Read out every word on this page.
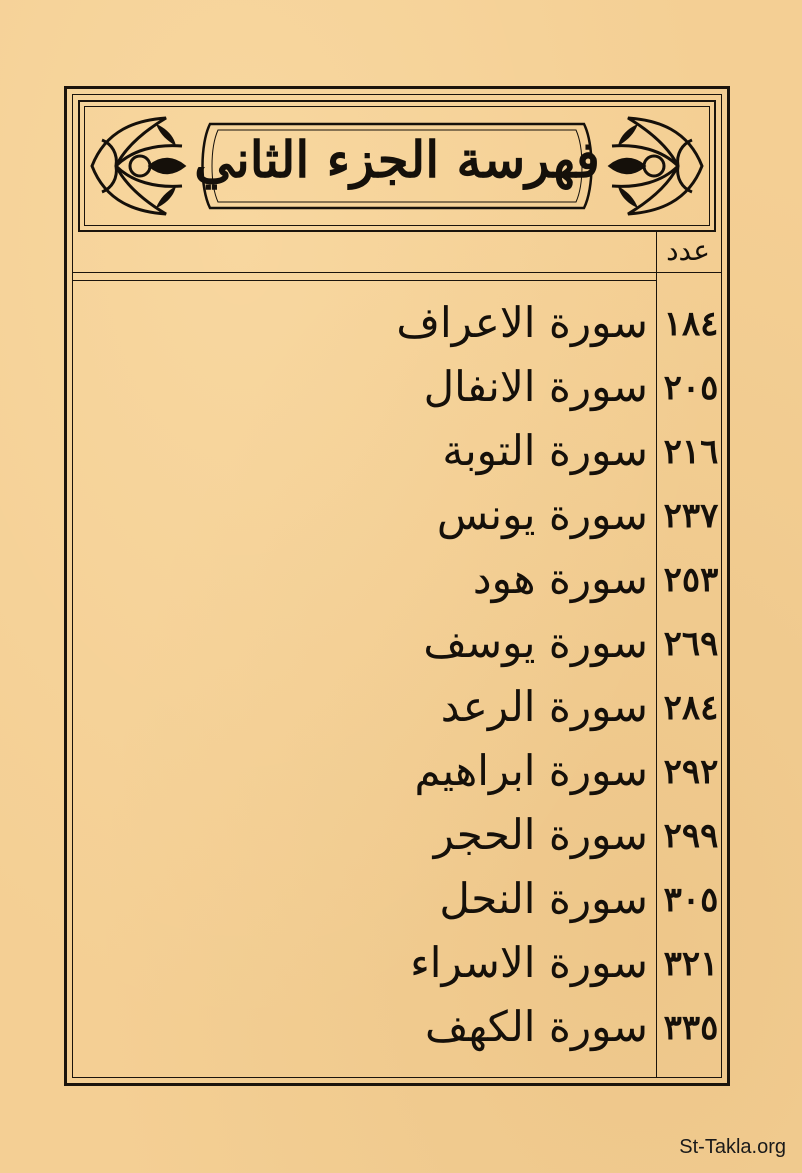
فهرسة الجزء الثاني
عدد
١٨٤
سورة الاعراف
٢٠٥
سورة الانفال
٢١٦
سورة التوبة
٢٣٧
سورة يونس
٢٥٣
سورة هود
٢٦٩
سورة يوسف
٢٨٤
سورة الرعد
٢٩٢
سورة ابراهيم
٢٩٩
سورة الحجر
٣٠٥
سورة النحل
٣٢١
سورة الاسراء
٣٣٥
سورة الكهف
St-Takla.org
